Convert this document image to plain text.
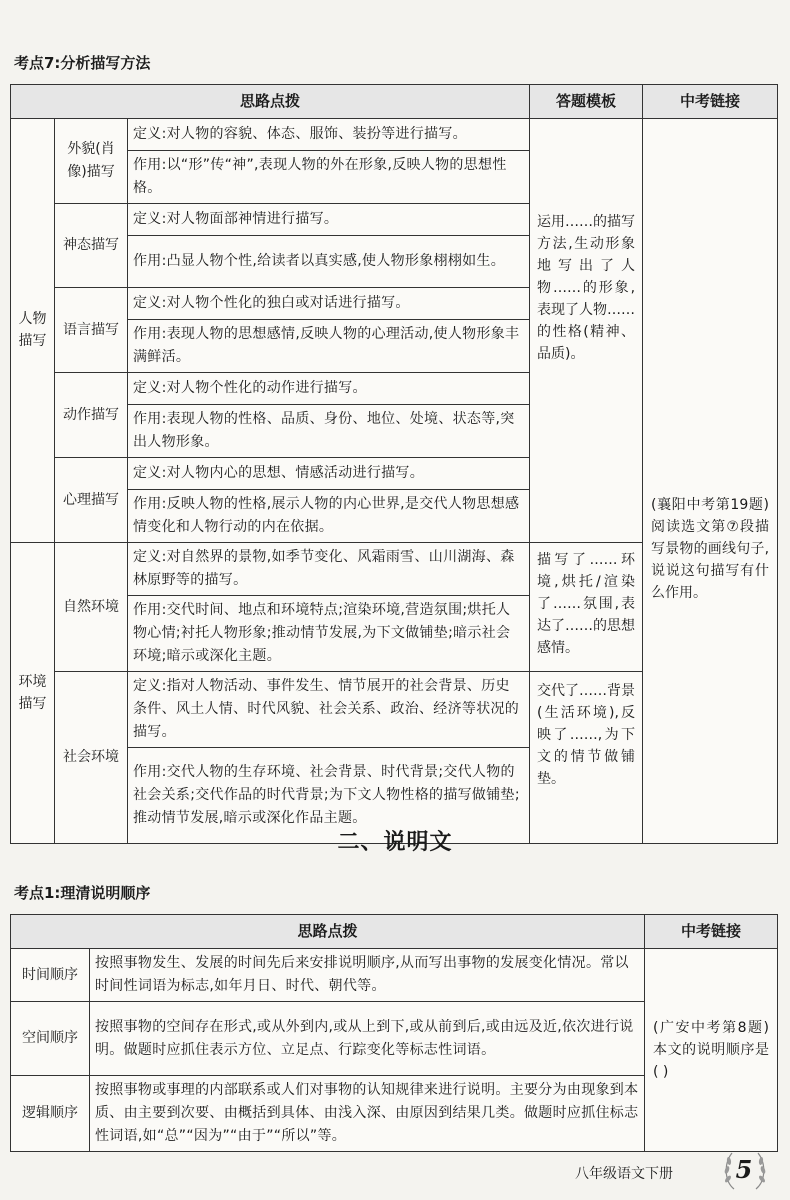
考点7:分析描写方法
思路点拨			答题模板	中考链接
人物描写	外貌(肖像)描写	定义:对人物的容貌、体态、服饰、装扮等进行描写。	运用……的描写方法,生动形象地写出了人物……的形象,表现了人物……的性格(精神、品质)。	(襄阳中考第19题)阅读选文第⑦段描写景物的画线句子,说说这句描写有什么作用。
		作用:以“形”传“神”,表现人物的外在形象,反映人物的思想性格。		
	神态描写	定义:对人物面部神情进行描写。		
		作用:凸显人物个性,给读者以真实感,使人物形象栩栩如生。		
	语言描写	定义:对人物个性化的独白或对话进行描写。		
		作用:表现人物的思想感情,反映人物的心理活动,使人物形象丰满鲜活。		
	动作描写	定义:对人物个性化的动作进行描写。		
		作用:表现人物的性格、品质、身份、地位、处境、状态等,突出人物形象。		
	心理描写	定义:对人物内心的思想、情感活动进行描写。		
		作用:反映人物的性格,展示人物的内心世界,是交代人物思想感情变化和人物行动的内在依据。		
环境描写	自然环境	定义:对自然界的景物,如季节变化、风霜雨雪、山川湖海、森林原野等的描写。	描写了……环境,烘托/渲染了……氛围,表达了……的思想感情。	
		作用:交代时间、地点和环境特点;渲染环境,营造氛围;烘托人物心情;衬托人物形象;推动情节发展,为下文做铺垫;暗示社会环境;暗示或深化主题。		
	社会环境	定义:指对人物活动、事件发生、情节展开的社会背景、历史条件、风土人情、时代风貌、社会关系、政治、经济等状况的描写。	交代了……背景(生活环境),反映了……,为下文的情节做铺垫。	
		作用:交代人物的生存环境、社会背景、时代背景;交代人物的社会关系;交代作品的时代背景;为下文人物性格的描写做铺垫;推动情节发展,暗示或深化作品主题。		
二、说明文
考点1:理清说明顺序
思路点拨		中考链接
时间顺序	按照事物发生、发展的时间先后来安排说明顺序,从而写出事物的发展变化情况。常以时间性词语为标志,如年月日、时代、朝代等。	(广安中考第8题)本文的说明顺序是( )
空间顺序	按照事物的空间存在形式,或从外到内,或从上到下,或从前到后,或由远及近,依次进行说明。做题时应抓住表示方位、立足点、行踪变化等标志性词语。	
逻辑顺序	按照事物或事理的内部联系或人们对事物的认知规律来进行说明。主要分为由现象到本质、由主要到次要、由概括到具体、由浅入深、由原因到结果几类。做题时应抓住标志性词语,如“总”“因为”“由于”“所以”等。	
八年级语文下册	5
